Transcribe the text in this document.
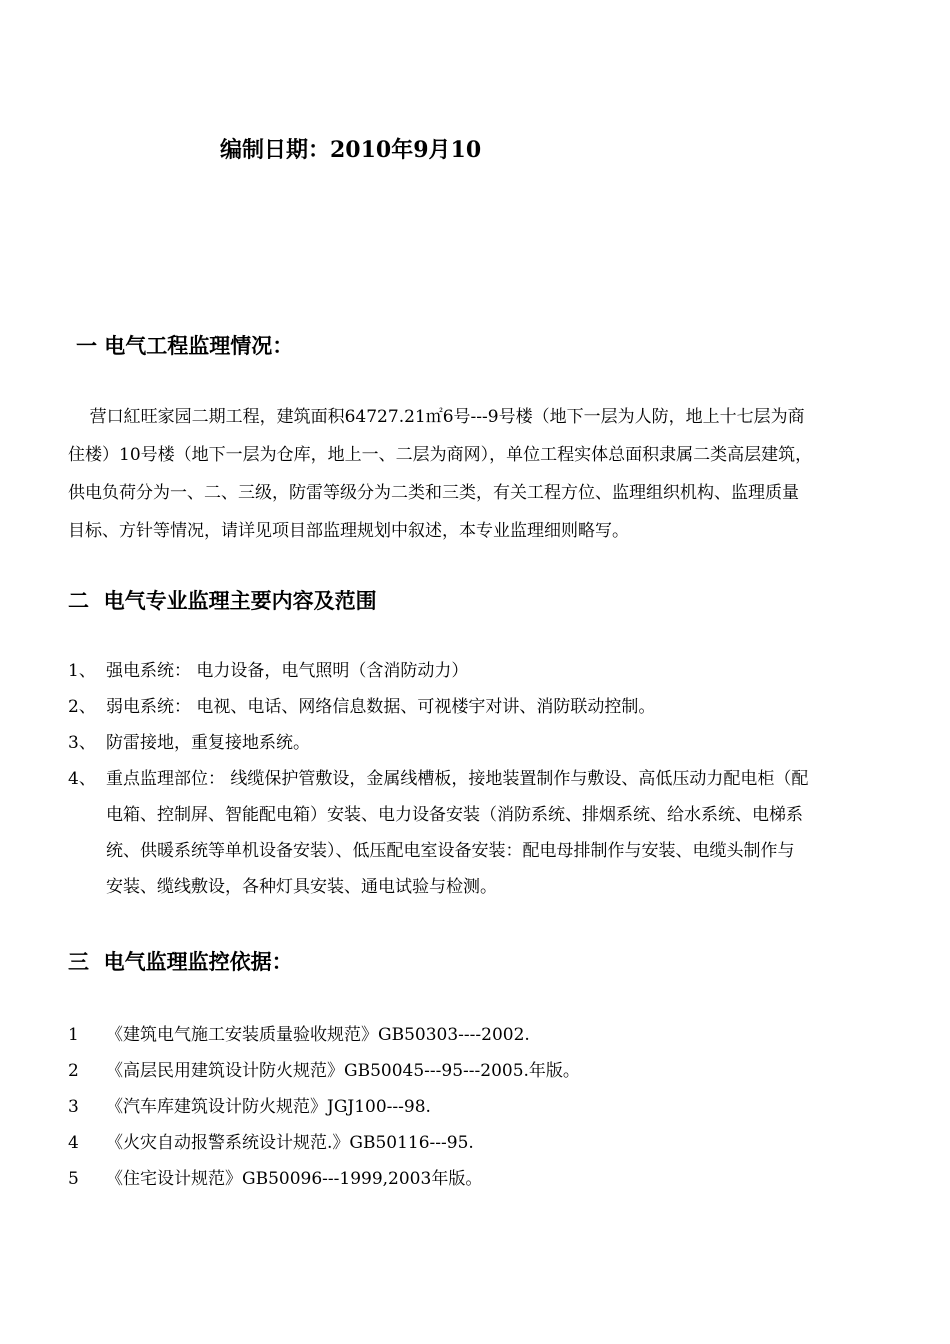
编制日期：2010年9月10
一 电气工程监理情况：
营口紅旺家园二期工程，建筑面积64727.21㎡6号---9号楼（地下一层为人防，地上十七层为商
住楼）10号楼（地下一层为仓库，地上一、二层为商网），单位工程实体总面积隶属二类高层建筑，
供电负荷分为一、二、三级，防雷等级分为二类和三类，有关工程方位、监理组织机构、监理质量
目标、方针等情况，请详见项目部监理规划中叙述，本专业监理细则略写。
二  电气专业监理主要内容及范围
1、 强电系统： 电力设备，电气照明（含消防动力）
2、 弱电系统： 电视、电话、网络信息数据、可视楼宇对讲、消防联动控制。
3、 防雷接地，重复接地系统。
4、 重点监理部位： 线缆保护管敷设，金属线槽板，接地装置制作与敷设、高低压动力配电柜（配
电箱、控制屏、智能配电箱）安装、电力设备安装（消防系统、排烟系统、给水系统、电梯系
统、供暖系统等单机设备安装）、低压配电室设备安装：配电母排制作与安装、电缆头制作与
安装、缆线敷设，各种灯具安装、通电试验与检测。
三  电气监理监控依据：
1 《建筑电气施工安装质量验收规范》GB50303----2002.
2 《高层民用建筑设计防火规范》GB50045---95---2005.年版。
3 《汽车库建筑设计防火规范》JGJ100---98.
4 《火灾自动报警系统设计规范.》GB50116---95.
5 《住宅设计规范》GB50096---1999,2003年版。
